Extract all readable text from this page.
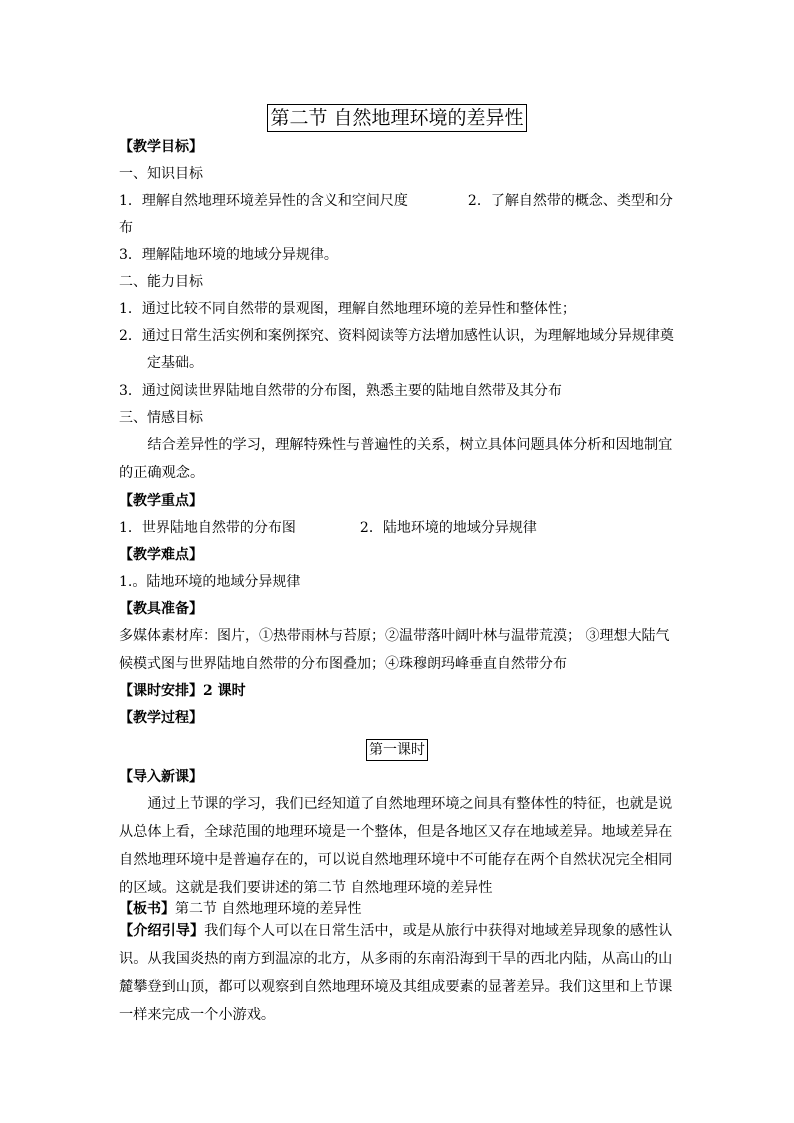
第二节 自然地理环境的差异性
【教学目标】
一、知识目标
1．理解自然地理环境差异性的含义和空间尺度	2．了解自然带的概念、类型和分
布
3．理解陆地环境的地域分异规律。
二、能力目标
1．通过比较不同自然带的景观图，理解自然地理环境的差异性和整体性；
2．通过日常生活实例和案例探究、资料阅读等方法增加感性认识，为理解地域分异规律奠
定基础。
3．通过阅读世界陆地自然带的分布图，熟悉主要的陆地自然带及其分布
三、情感目标
结合差异性的学习，理解特殊性与普遍性的关系，树立具体问题具体分析和因地制宜的正确观念。
【教学重点】
1．世界陆地自然带的分布图	2．陆地环境的地域分异规律
【教学难点】
1.。陆地环境的地域分异规律
【教具准备】
多媒体素材库：图片，①热带雨林与苔原；②温带落叶阔叶林与温带荒漠； ③理想大陆气
候模式图与世界陆地自然带的分布图叠加；④珠穆朗玛峰垂直自然带分布
【课时安排】2 课时
【教学过程】
第一课时
【导入新课】
通过上节课的学习，我们已经知道了自然地理环境之间具有整体性的特征，也就是说从总体上看，全球范围的地理环境是一个整体，但是各地区又存在地域差异。地域差异在自然地理环境中是普遍存在的，可以说自然地理环境中不可能存在两个自然状况完全相同的区域。这就是我们要讲述的第二节 自然地理环境的差异性
【板书】第二节 自然地理环境的差异性
【介绍引导】我们每个人可以在日常生活中，或是从旅行中获得对地域差异现象的感性认识。从我国炎热的南方到温凉的北方，从多雨的东南沿海到干旱的西北内陆，从高山的山麓攀登到山顶，都可以观察到自然地理环境及其组成要素的显著差异。我们这里和上节课一样来完成一个小游戏。
